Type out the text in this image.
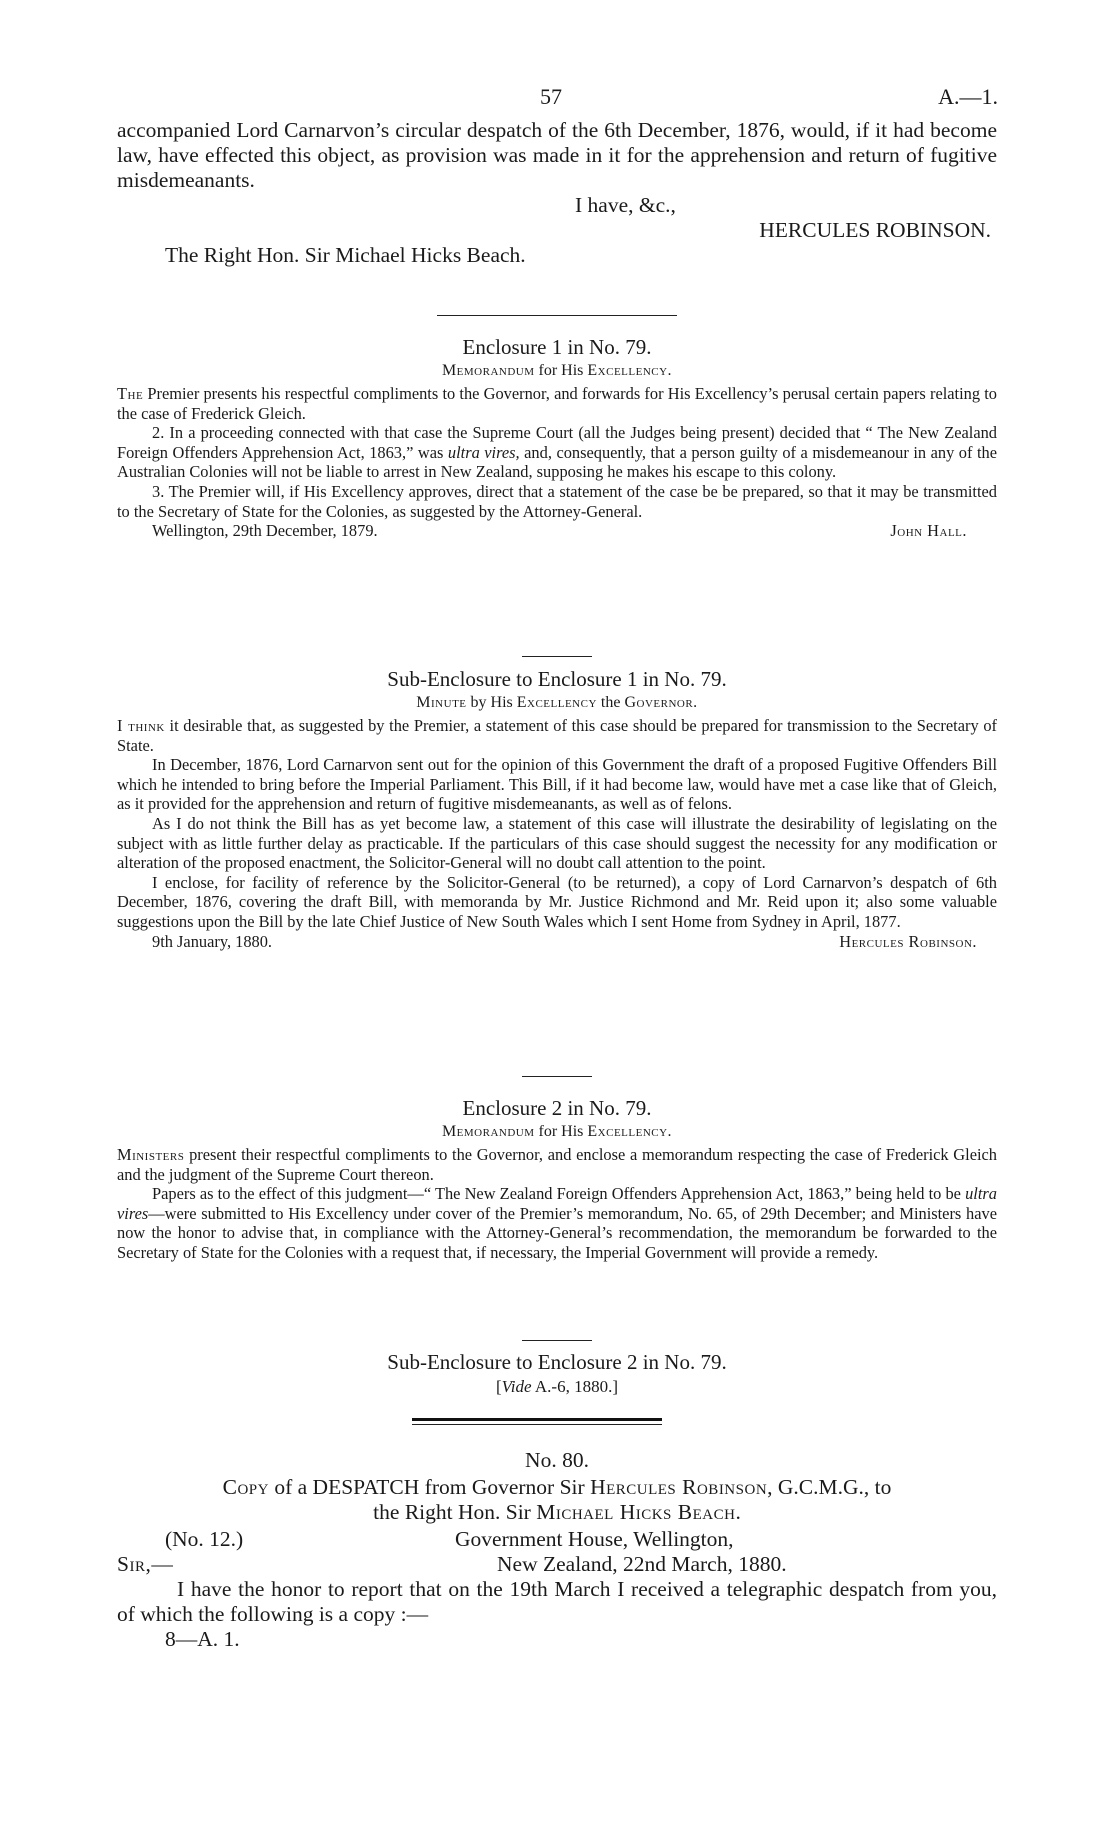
57	A.—1.

accompanied Lord Carnarvon’s circular despatch of the 6th December, 1876, would, if it had become law, have effected this object, as provision was made in it for the apprehension and return of fugitive misdemeanants.

I have, &c.,

HERCULES ROBINSON.

The Right Hon. Sir Michael Hicks Beach.

Enclosure 1 in No. 79.
Memorandum for His Excellency.

The Premier presents his respectful compliments to the Governor, and forwards for His Excellency’s perusal certain papers relating to the case of Frederick Gleich.

2. In a proceeding connected with that case the Supreme Court (all the Judges being present) decided that “ The New Zealand Foreign Offenders Apprehension Act, 1863,” was ultra vires, and, consequently, that a person guilty of a misdemeanour in any of the Australian Colonies will not be liable to arrest in New Zealand, supposing he makes his escape to this colony.

3. The Premier will, if His Excellency approves, direct that a statement of the case be be prepared, so that it may be transmitted to the Secretary of State for the Colonies, as suggested by the Attorney-General.

Wellington, 29th December, 1879.	John Hall.
Sub-Enclosure to Enclosure 1 in No. 79.
Minute by His Excellency the Governor.

I think it desirable that, as suggested by the Premier, a statement of this case should be prepared for transmission to the Secretary of State.

In December, 1876, Lord Carnarvon sent out for the opinion of this Government the draft of a proposed Fugitive Offenders Bill which he intended to bring before the Imperial Parliament. This Bill, if it had become law, would have met a case like that of Gleich, as it provided for the apprehension and return of fugitive misdemeanants, as well as of felons.

As I do not think the Bill has as yet become law, a statement of this case will illustrate the desirability of legislating on the subject with as little further delay as practicable. If the particulars of this case should suggest the necessity for any modification or alteration of the proposed enactment, the Solicitor-General will no doubt call attention to the point.

I enclose, for facility of reference by the Solicitor-General (to be returned), a copy of Lord Carnarvon’s despatch of 6th December, 1876, covering the draft Bill, with memoranda by Mr. Justice Richmond and Mr. Reid upon it; also some valuable suggestions upon the Bill by the late Chief Justice of New South Wales which I sent Home from Sydney in April, 1877.

9th January, 1880.	Hercules Robinson.
Enclosure 2 in No. 79.
Memorandum for His Excellency.

Ministers present their respectful compliments to the Governor, and enclose a memorandum respecting the case of Frederick Gleich and the judgment of the Supreme Court thereon.

Papers as to the effect of this judgment—“ The New Zealand Foreign Offenders Apprehension Act, 1863,” being held to be ultra vires—were submitted to His Excellency under cover of the Premier’s memorandum, No. 65, of 29th December; and Ministers have now the honor to advise that, in compliance with the Attorney-General’s recommendation, the memorandum be forwarded to the Secretary of State for the Colonies with a request that, if necessary, the Imperial Government will provide a remedy.

Sub-Enclosure to Enclosure 2 in No. 79.
[Vide A.-6, 1880.]
No. 80.
Copy of a DESPATCH from Governor Sir Hercules Robinson, G.C.M.G., to
the Right Hon. Sir Michael Hicks Beach.
(No. 12.)	Government House, Wellington,
Sir,—	New Zealand, 22nd March, 1880.

I have the honor to report that on the 19th March I received a telegraphic despatch from you, of which the following is a copy :—

8—A. 1.
